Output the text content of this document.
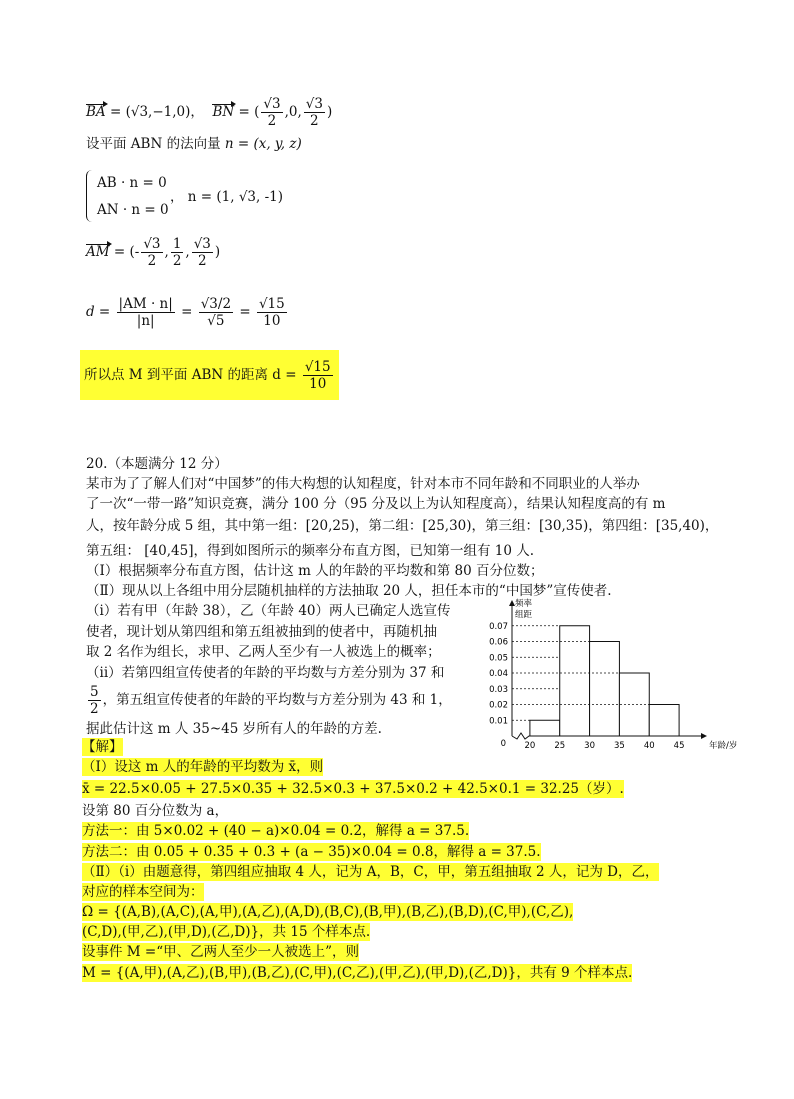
BA = (√3,−1,0)， BN = ( $\frac{√3}{2} ,0$, $\frac{√3}{2}$ )
设平面 ABN 的法向量 n = (x, y, z)
AB · n = 0
AN · n = 0
， n = (1, √3, -1)
AM = (- $\frac{√3}{2}$ , $\frac{1}{2}$ , $\frac{√3}{2}$ )
$d = \frac{|AM \cdot n|}{|n|} = \frac{√3/2}{√5} = \frac{√15}{10}$
所以点 M 到平面 ABN 的距离 $d = \frac{√15}{10}$
20.（本题满分 12 分）
某市为了了解人们对“中国梦”的伟大构想的认知程度，针对本市不同年龄和不同职业的人举办
了一次“一带一路”知识竞赛，满分 100 分（95 分及以上为认知程度高），结果认知程度高的有 m
人，按年龄分成 5 组，其中第一组：[20,25)，第二组：[25,30)，第三组：[30,35)，第四组：[35,40)，
第五组： [40,45]，得到如图所示的频率分布直方图，已知第一组有 10 人.
（Ⅰ）根据频率分布直方图，估计这 m 人的年龄的平均数和第 80 百分位数；
（Ⅱ）现从以上各组中用分层随机抽样的方法抽取 20 人，担任本市的“中国梦”宣传使者.
（i）若有甲（年龄 38），乙（年龄 40）两人已确定人选宣传
使者，现计划从第四组和第五组被抽到的使者中，再随机抽
取 2 名作为组长，求甲、乙两人至少有一人被选上的概率；
（ii）若第四组宣传使者的年龄的平均数与方差分别为 37 和
$\frac{5}{2}$ ，第五组宣传使者的年龄的平均数与方差分别为 43 和 1，
据此估计这 m 人 35~45 岁所有人的年龄的方差.	0.01
0.02
0.03
0.04
0.05
0.06
0.07
20 25 30 35 40 45
0	年龄/岁
频率
组距
【解】
（Ⅰ）设这 m 人的年龄的平均数为 x̄，则
x̄ = 22.5×0.05 + 27.5×0.35 + 32.5×0.3 + 37.5×0.2 + 42.5×0.1 = 32.25（岁）.
设第 80 百分位数为 a，
方法一：由 5×0.02 + (40 − a)×0.04 = 0.2，解得 a = 37.5.
方法二：由 0.05 + 0.35 + 0.3 + (a − 35)×0.04 = 0.8，解得 a = 37.5.
（Ⅱ）（i）由题意得，第四组应抽取 4 人，记为 A，B，C，甲，第五组抽取 2 人，记为 D，乙，
对应的样本空间为：
Ω = {(A,B),(A,C),(A,甲),(A,乙),(A,D),(B,C),(B,甲),(B,乙),(B,D),(C,甲),(C,乙),
(C,D),(甲,乙),(甲,D),(乙,D)}，共 15 个样本点.
设事件 M =“甲、乙两人至少一人被选上”，则
M = {(A,甲),(A,乙),(B,甲),(B,乙),(C,甲),(C,乙),(甲,乙),(甲,D),(乙,D)}，共有 9 个样本点.
